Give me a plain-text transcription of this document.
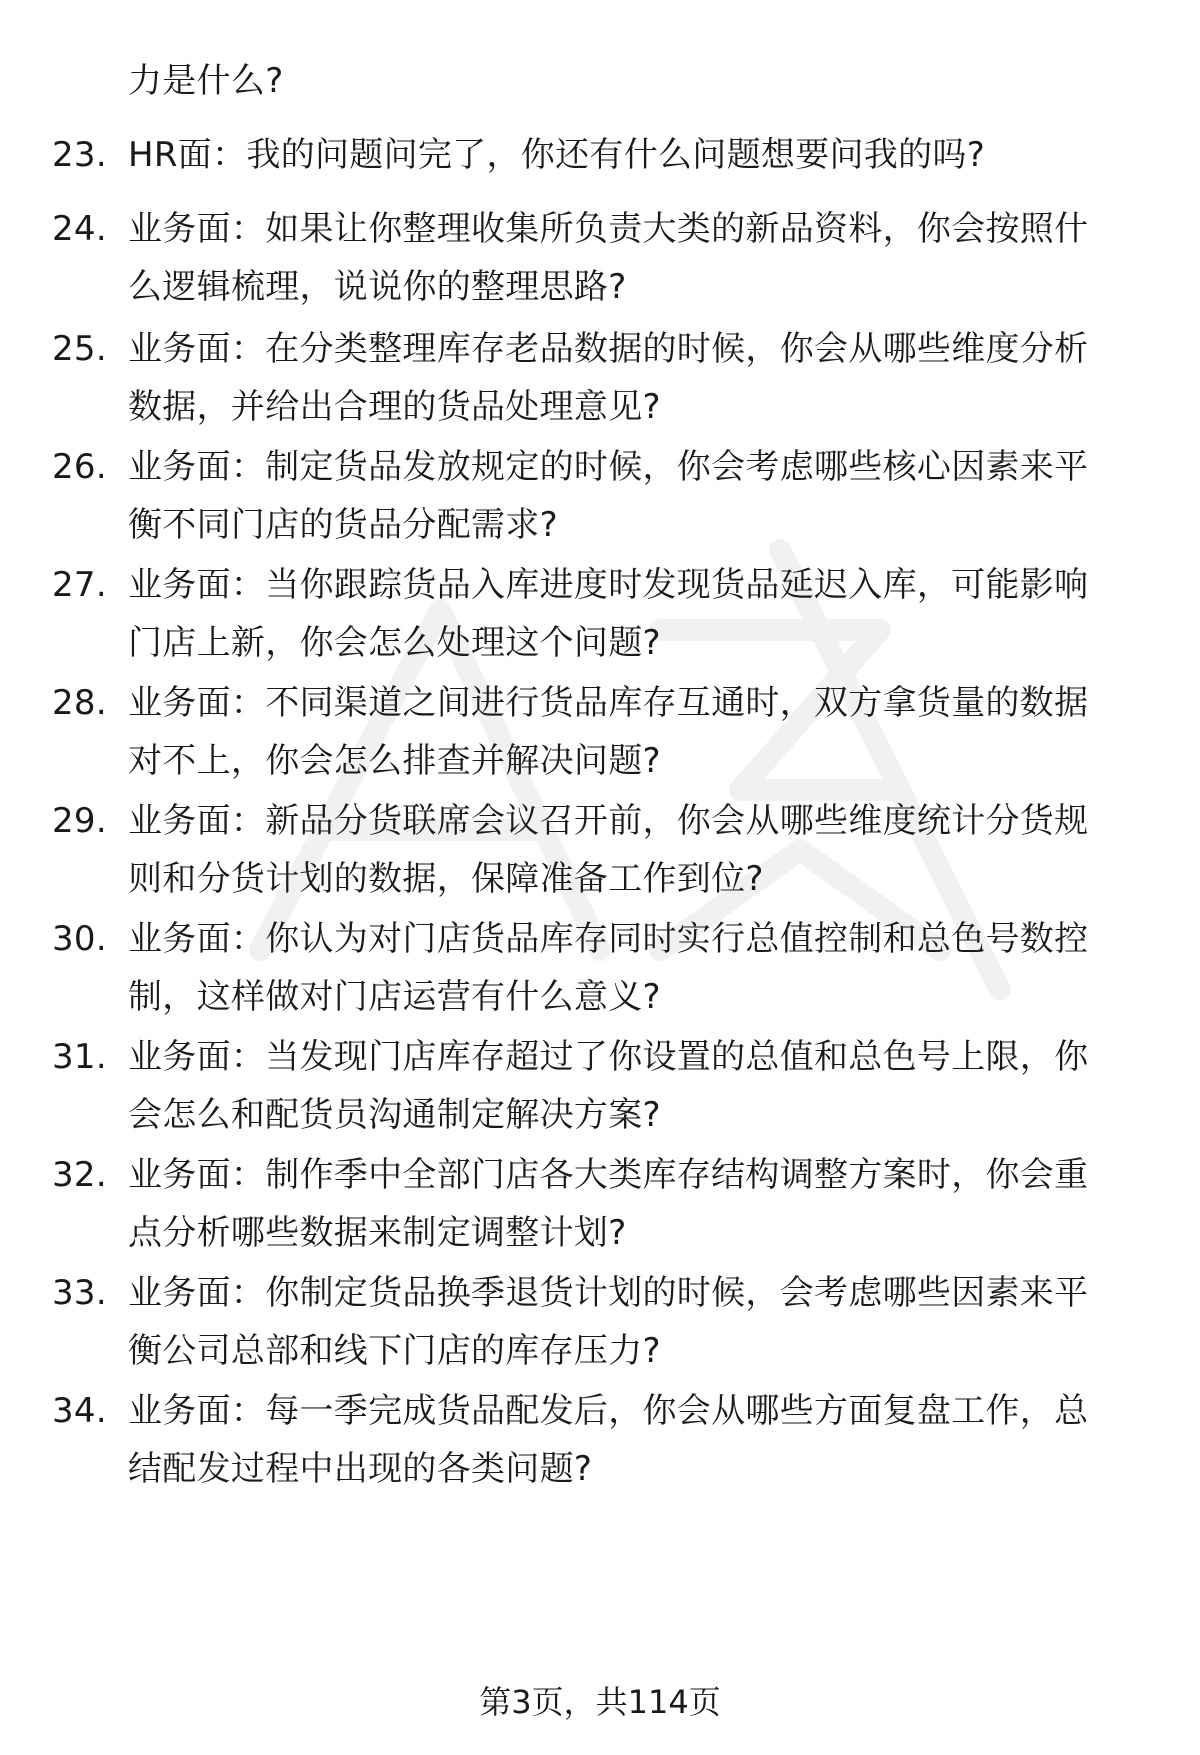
力是什么?
23. HR面：我的问题问完了，你还有什么问题想要问我的吗?
24. 业务面：如果让你整理收集所负责大类的新品资料，你会按照什
么逻辑梳理，说说你的整理思路?
25. 业务面：在分类整理库存老品数据的时候，你会从哪些维度分析
数据，并给出合理的货品处理意见?
26. 业务面：制定货品发放规定的时候，你会考虑哪些核心因素来平
衡不同门店的货品分配需求?
27. 业务面：当你跟踪货品入库进度时发现货品延迟入库，可能影响
门店上新，你会怎么处理这个问题?
28. 业务面：不同渠道之间进行货品库存互通时，双方拿货量的数据
对不上，你会怎么排查并解决问题?
29. 业务面：新品分货联席会议召开前，你会从哪些维度统计分货规
则和分货计划的数据，保障准备工作到位?
30. 业务面：你认为对门店货品库存同时实行总值控制和总色号数控
制，这样做对门店运营有什么意义?
31. 业务面：当发现门店库存超过了你设置的总值和总色号上限，你
会怎么和配货员沟通制定解决方案?
32. 业务面：制作季中全部门店各大类库存结构调整方案时，你会重
点分析哪些数据来制定调整计划?
33. 业务面：你制定货品换季退货计划的时候，会考虑哪些因素来平
衡公司总部和线下门店的库存压力?
34. 业务面：每一季完成货品配发后，你会从哪些方面复盘工作，总
结配发过程中出现的各类问题?
第3页，共114页
